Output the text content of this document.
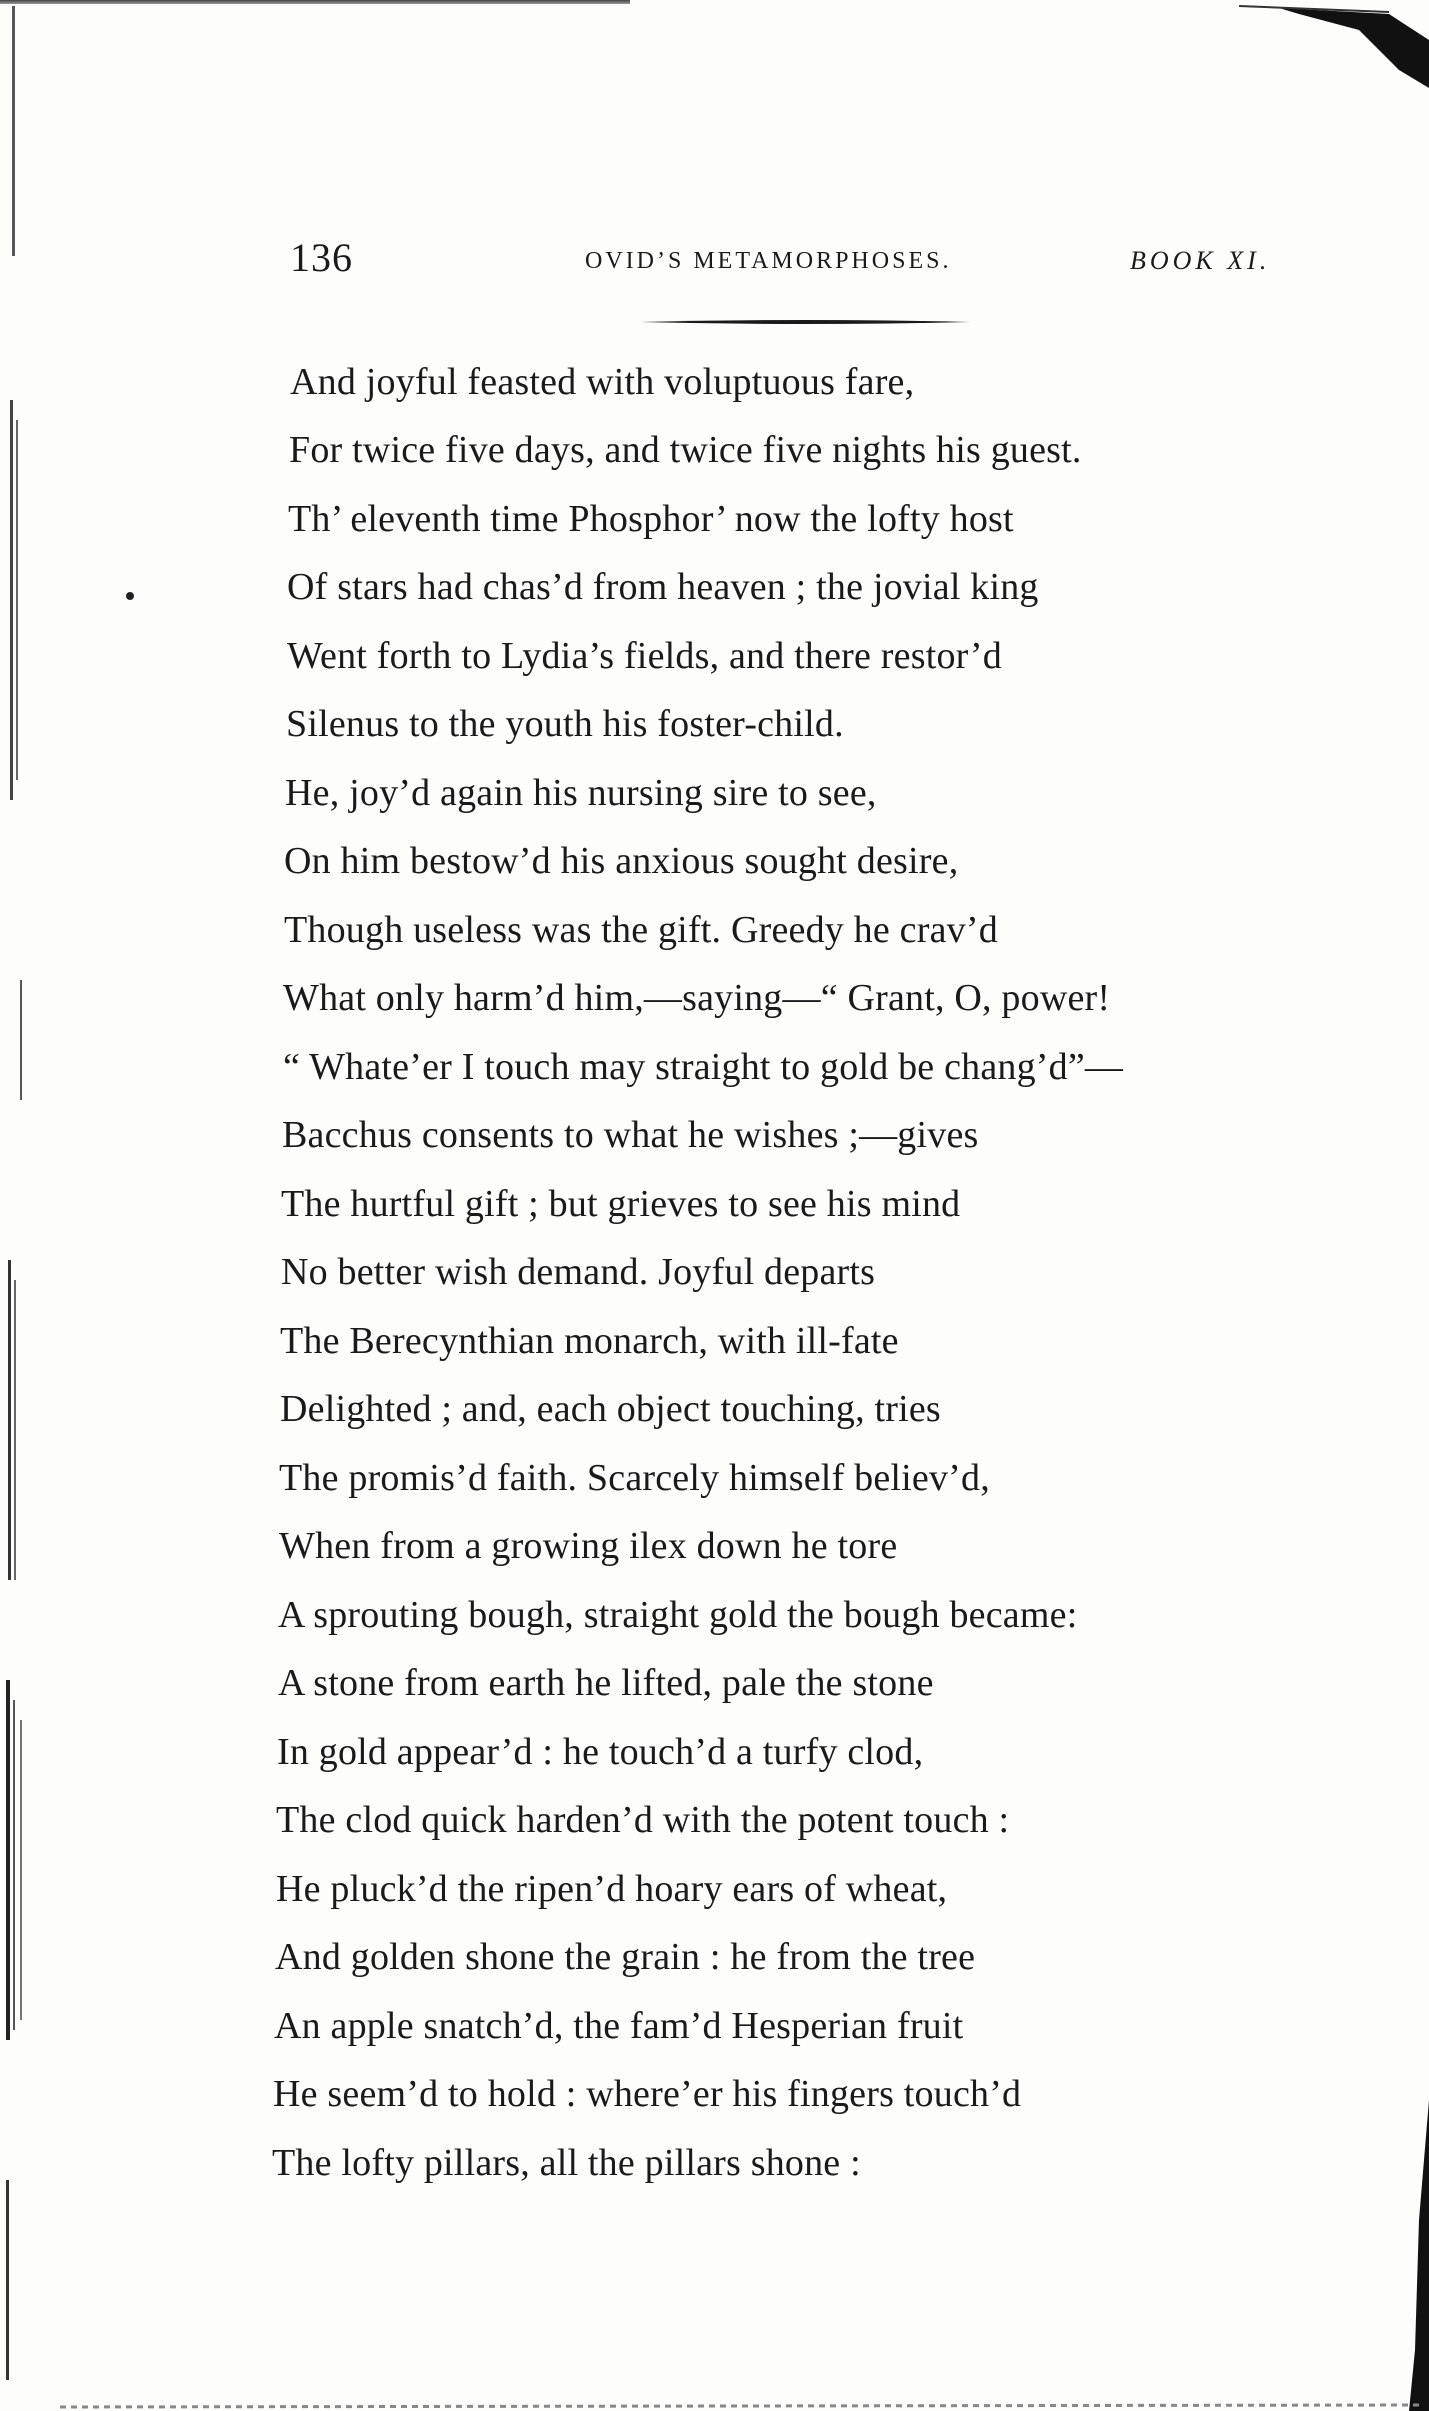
136	OVID’S METAMORPHOSES.	BOOK XI.
And joyful feasted with voluptuous fare,
For twice five days, and twice five nights his guest.
Th’ eleventh time Phosphor’ now the lofty host
Of stars had chas’d from heaven ; the jovial king
Went forth to Lydia’s fields, and there restor’d
Silenus to the youth his foster-child.
He, joy’d again his nursing sire to see,
On him bestow’d his anxious sought desire,
Though useless was the gift. Greedy he crav’d
What only harm’d him,—saying—“ Grant, O, power!
“ Whate’er I touch may straight to gold be chang’d”—
Bacchus consents to what he wishes ;—gives
The hurtful gift ; but grieves to see his mind
No better wish demand. Joyful departs
The Berecynthian monarch, with ill-fate
Delighted ; and, each object touching, tries
The promis’d faith. Scarcely himself believ’d,
When from a growing ilex down he tore
A sprouting bough, straight gold the bough became:
A stone from earth he lifted, pale the stone
In gold appear’d : he touch’d a turfy clod,
The clod quick harden’d with the potent touch :
He pluck’d the ripen’d hoary ears of wheat,
And golden shone the grain : he from the tree
An apple snatch’d, the fam’d Hesperian fruit
He seem’d to hold : where’er his fingers touch’d
The lofty pillars, all the pillars shone :
